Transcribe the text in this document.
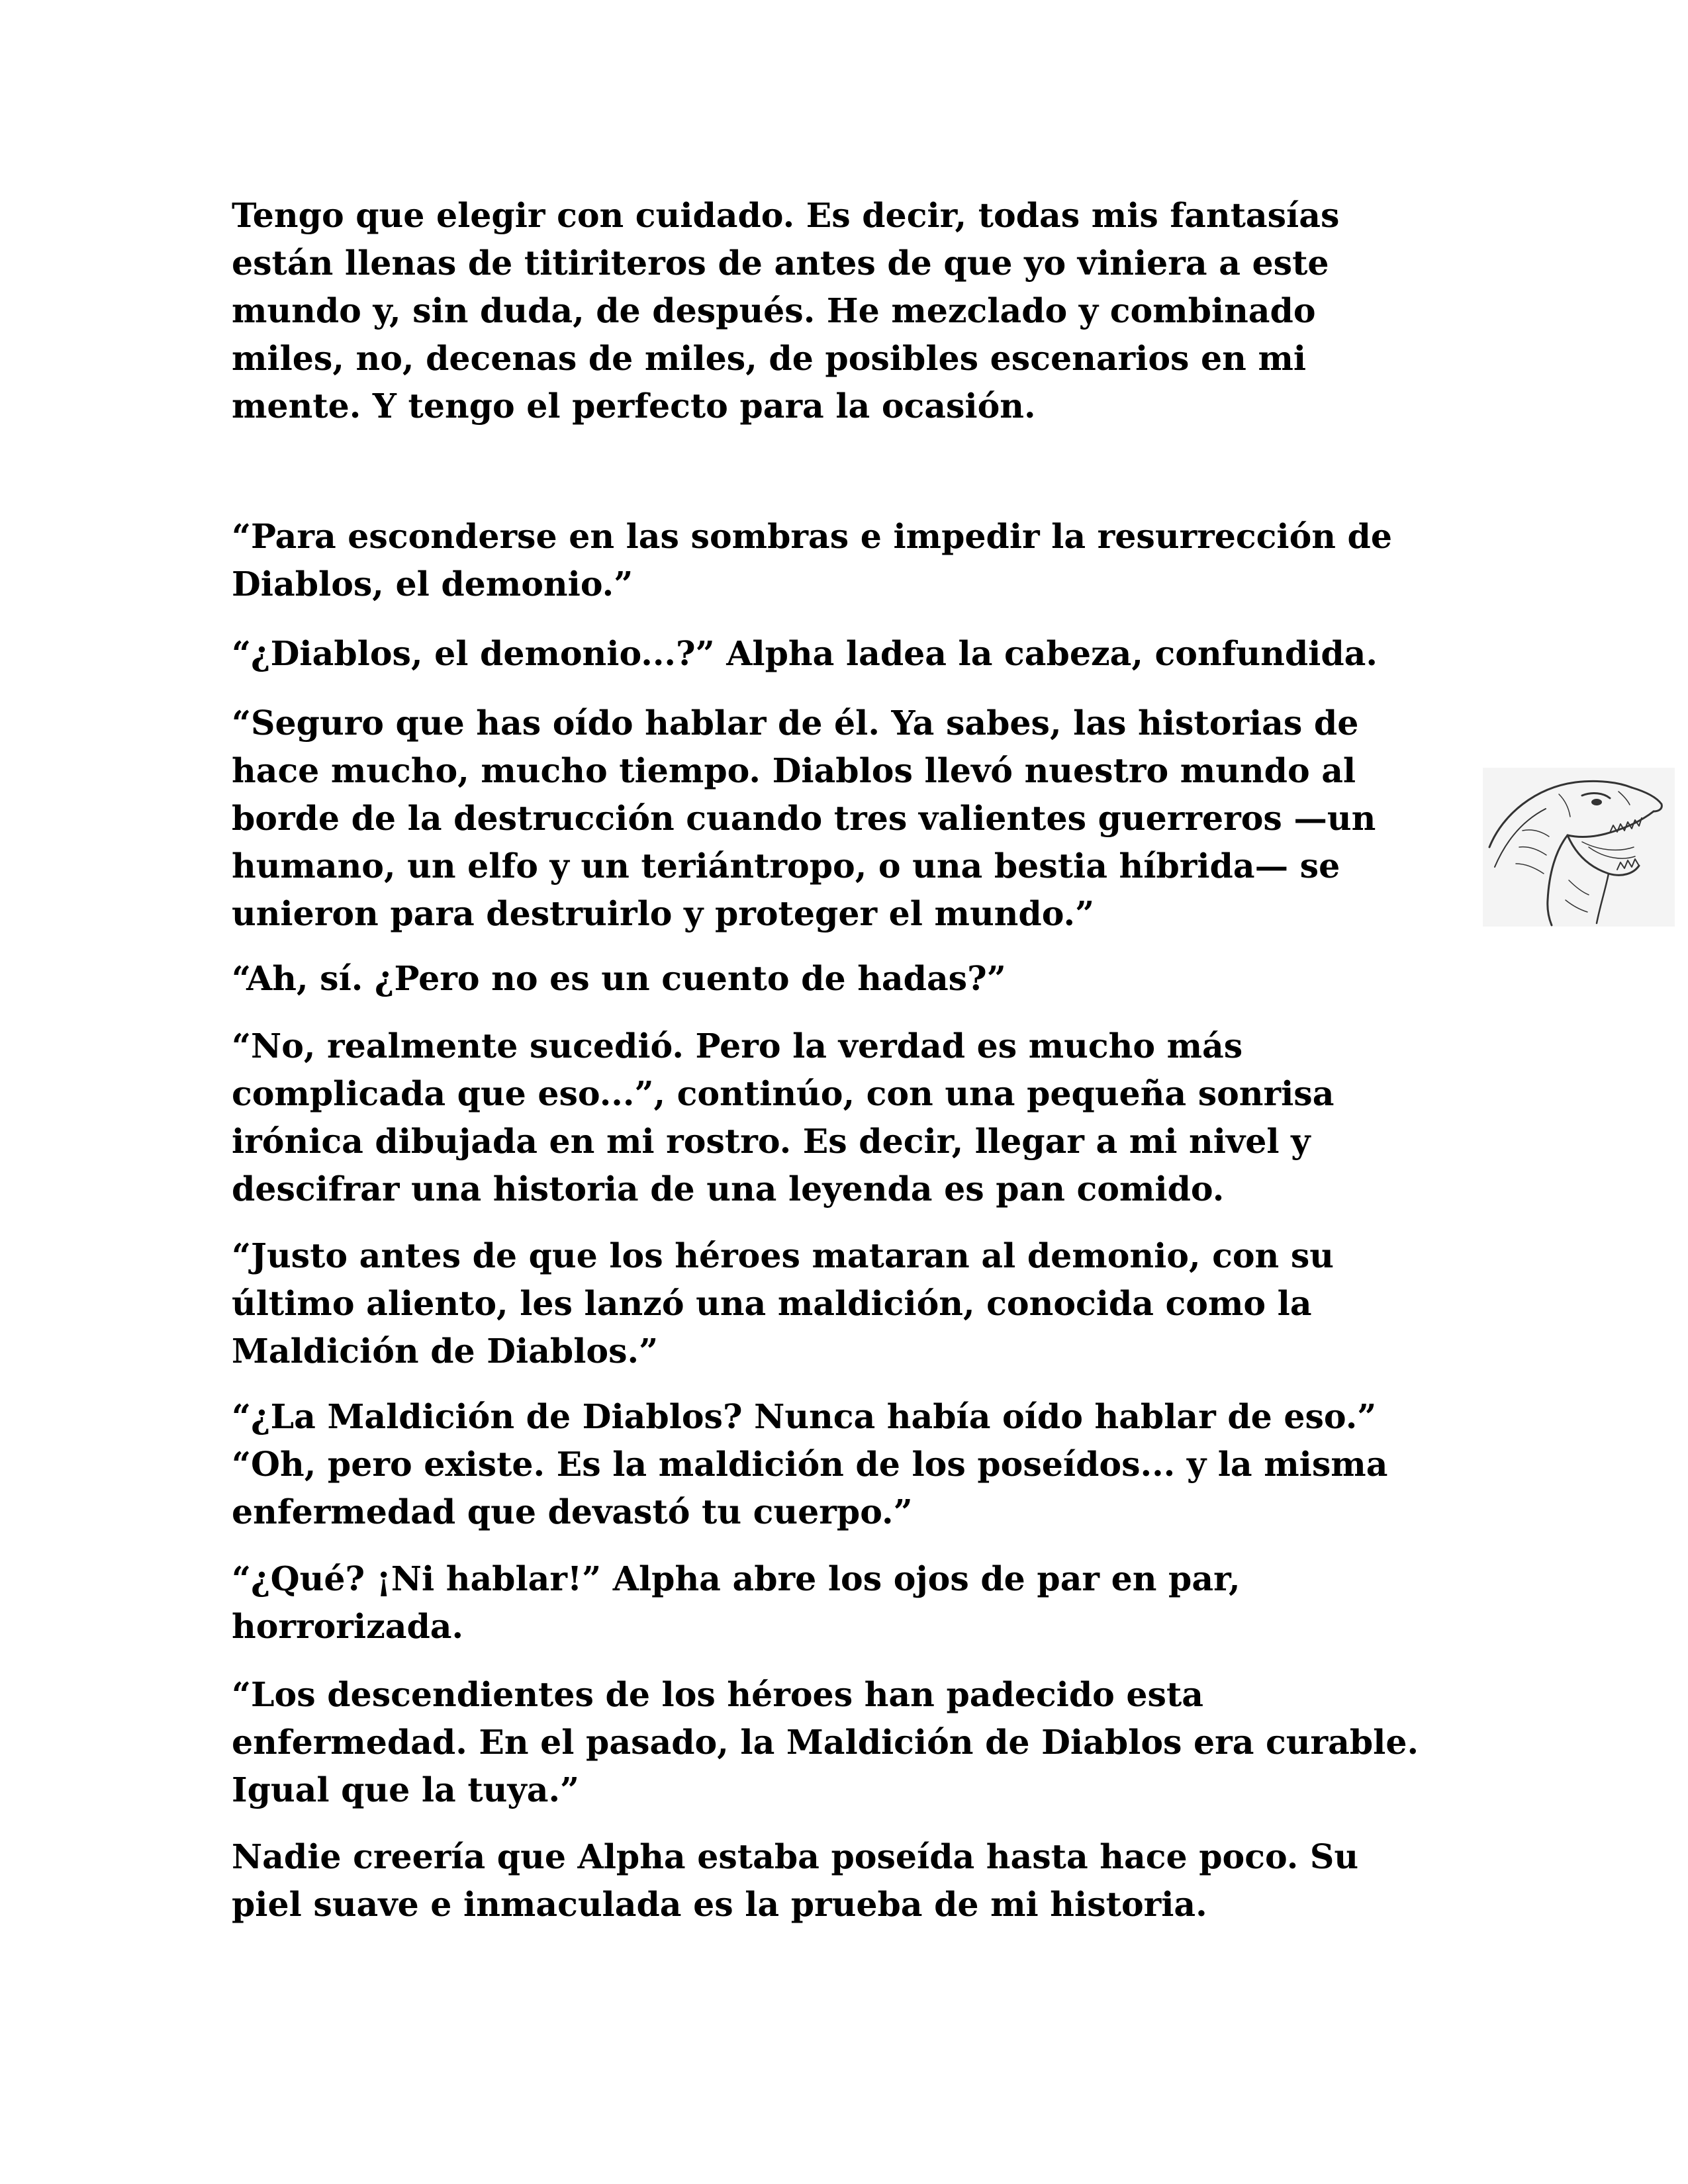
Tengo que elegir con cuidado. Es decir, todas mis fantasías
están llenas de titiriteros de antes de que yo viniera a este
mundo y, sin duda, de después. He mezclado y combinado
miles, no, decenas de miles, de posibles escenarios en mi
mente. Y tengo el perfecto para la ocasión.
“Para esconderse en las sombras e impedir la resurrección de
Diablos, el demonio.”
“¿Diablos, el demonio...?” Alpha ladea la cabeza, confundida.
“Seguro que has oído hablar de él. Ya sabes, las historias de
hace mucho, mucho tiempo. Diablos llevó nuestro mundo al
borde de la destrucción cuando tres valientes guerreros —un
humano, un elfo y un teriántropo, o una bestia híbrida— se
unieron para destruirlo y proteger el mundo.”
“Ah, sí. ¿Pero no es un cuento de hadas?”
“No, realmente sucedió. Pero la verdad es mucho más
complicada que eso...”, continúo, con una pequeña sonrisa
irónica dibujada en mi rostro. Es decir, llegar a mi nivel y
descifrar una historia de una leyenda es pan comido.
“Justo antes de que los héroes mataran al demonio, con su
último aliento, les lanzó una maldición, conocida como la
Maldición de Diablos.”
“¿La Maldición de Diablos? Nunca había oído hablar de eso.”
“Oh, pero existe. Es la maldición de los poseídos... y la misma
enfermedad que devastó tu cuerpo.”
“¿Qué? ¡Ni hablar!” Alpha abre los ojos de par en par,
horrorizada.
“Los descendientes de los héroes han padecido esta
enfermedad. En el pasado, la Maldición de Diablos era curable.
Igual que la tuya.”
Nadie creería que Alpha estaba poseída hasta hace poco. Su
piel suave e inmaculada es la prueba de mi historia.
